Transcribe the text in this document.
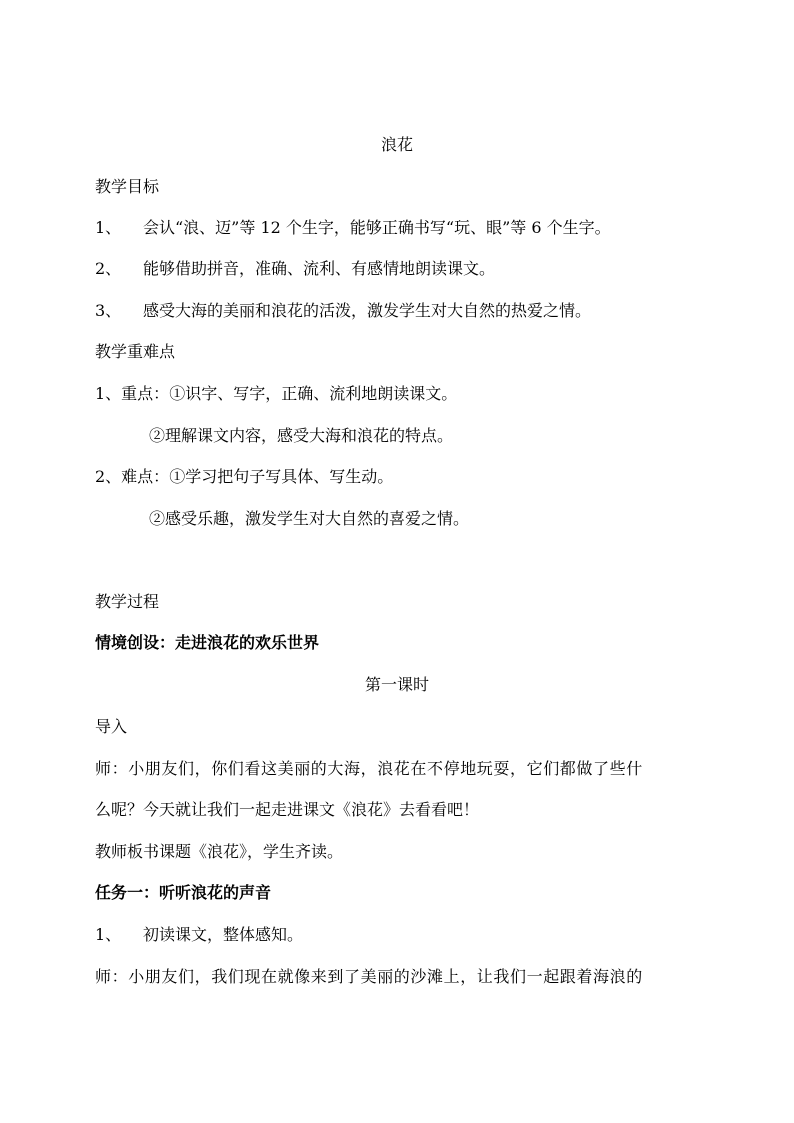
浪花
教学目标
1、 会认“浪、迈”等 12 个生字，能够正确书写“玩、眼”等 6 个生字。
2、 能够借助拼音，准确、流利、有感情地朗读课文。
3、 感受大海的美丽和浪花的活泼，激发学生对大自然的热爱之情。
教学重难点
1、重点：①识字、写字，正确、流利地朗读课文。
②理解课文内容，感受大海和浪花的特点。
2、难点：①学习把句子写具体、写生动。
②感受乐趣，激发学生对大自然的喜爱之情。
教学过程
情境创设：走进浪花的欢乐世界
第一课时
导入
师：小朋友们，你们看这美丽的大海，浪花在不停地玩耍，它们都做了些什
么呢？今天就让我们一起走进课文《浪花》去看看吧！
教师板书课题《浪花》，学生齐读。
任务一：听听浪花的声音
1、 初读课文，整体感知。
师：小朋友们，我们现在就像来到了美丽的沙滩上，让我们一起跟着海浪的
